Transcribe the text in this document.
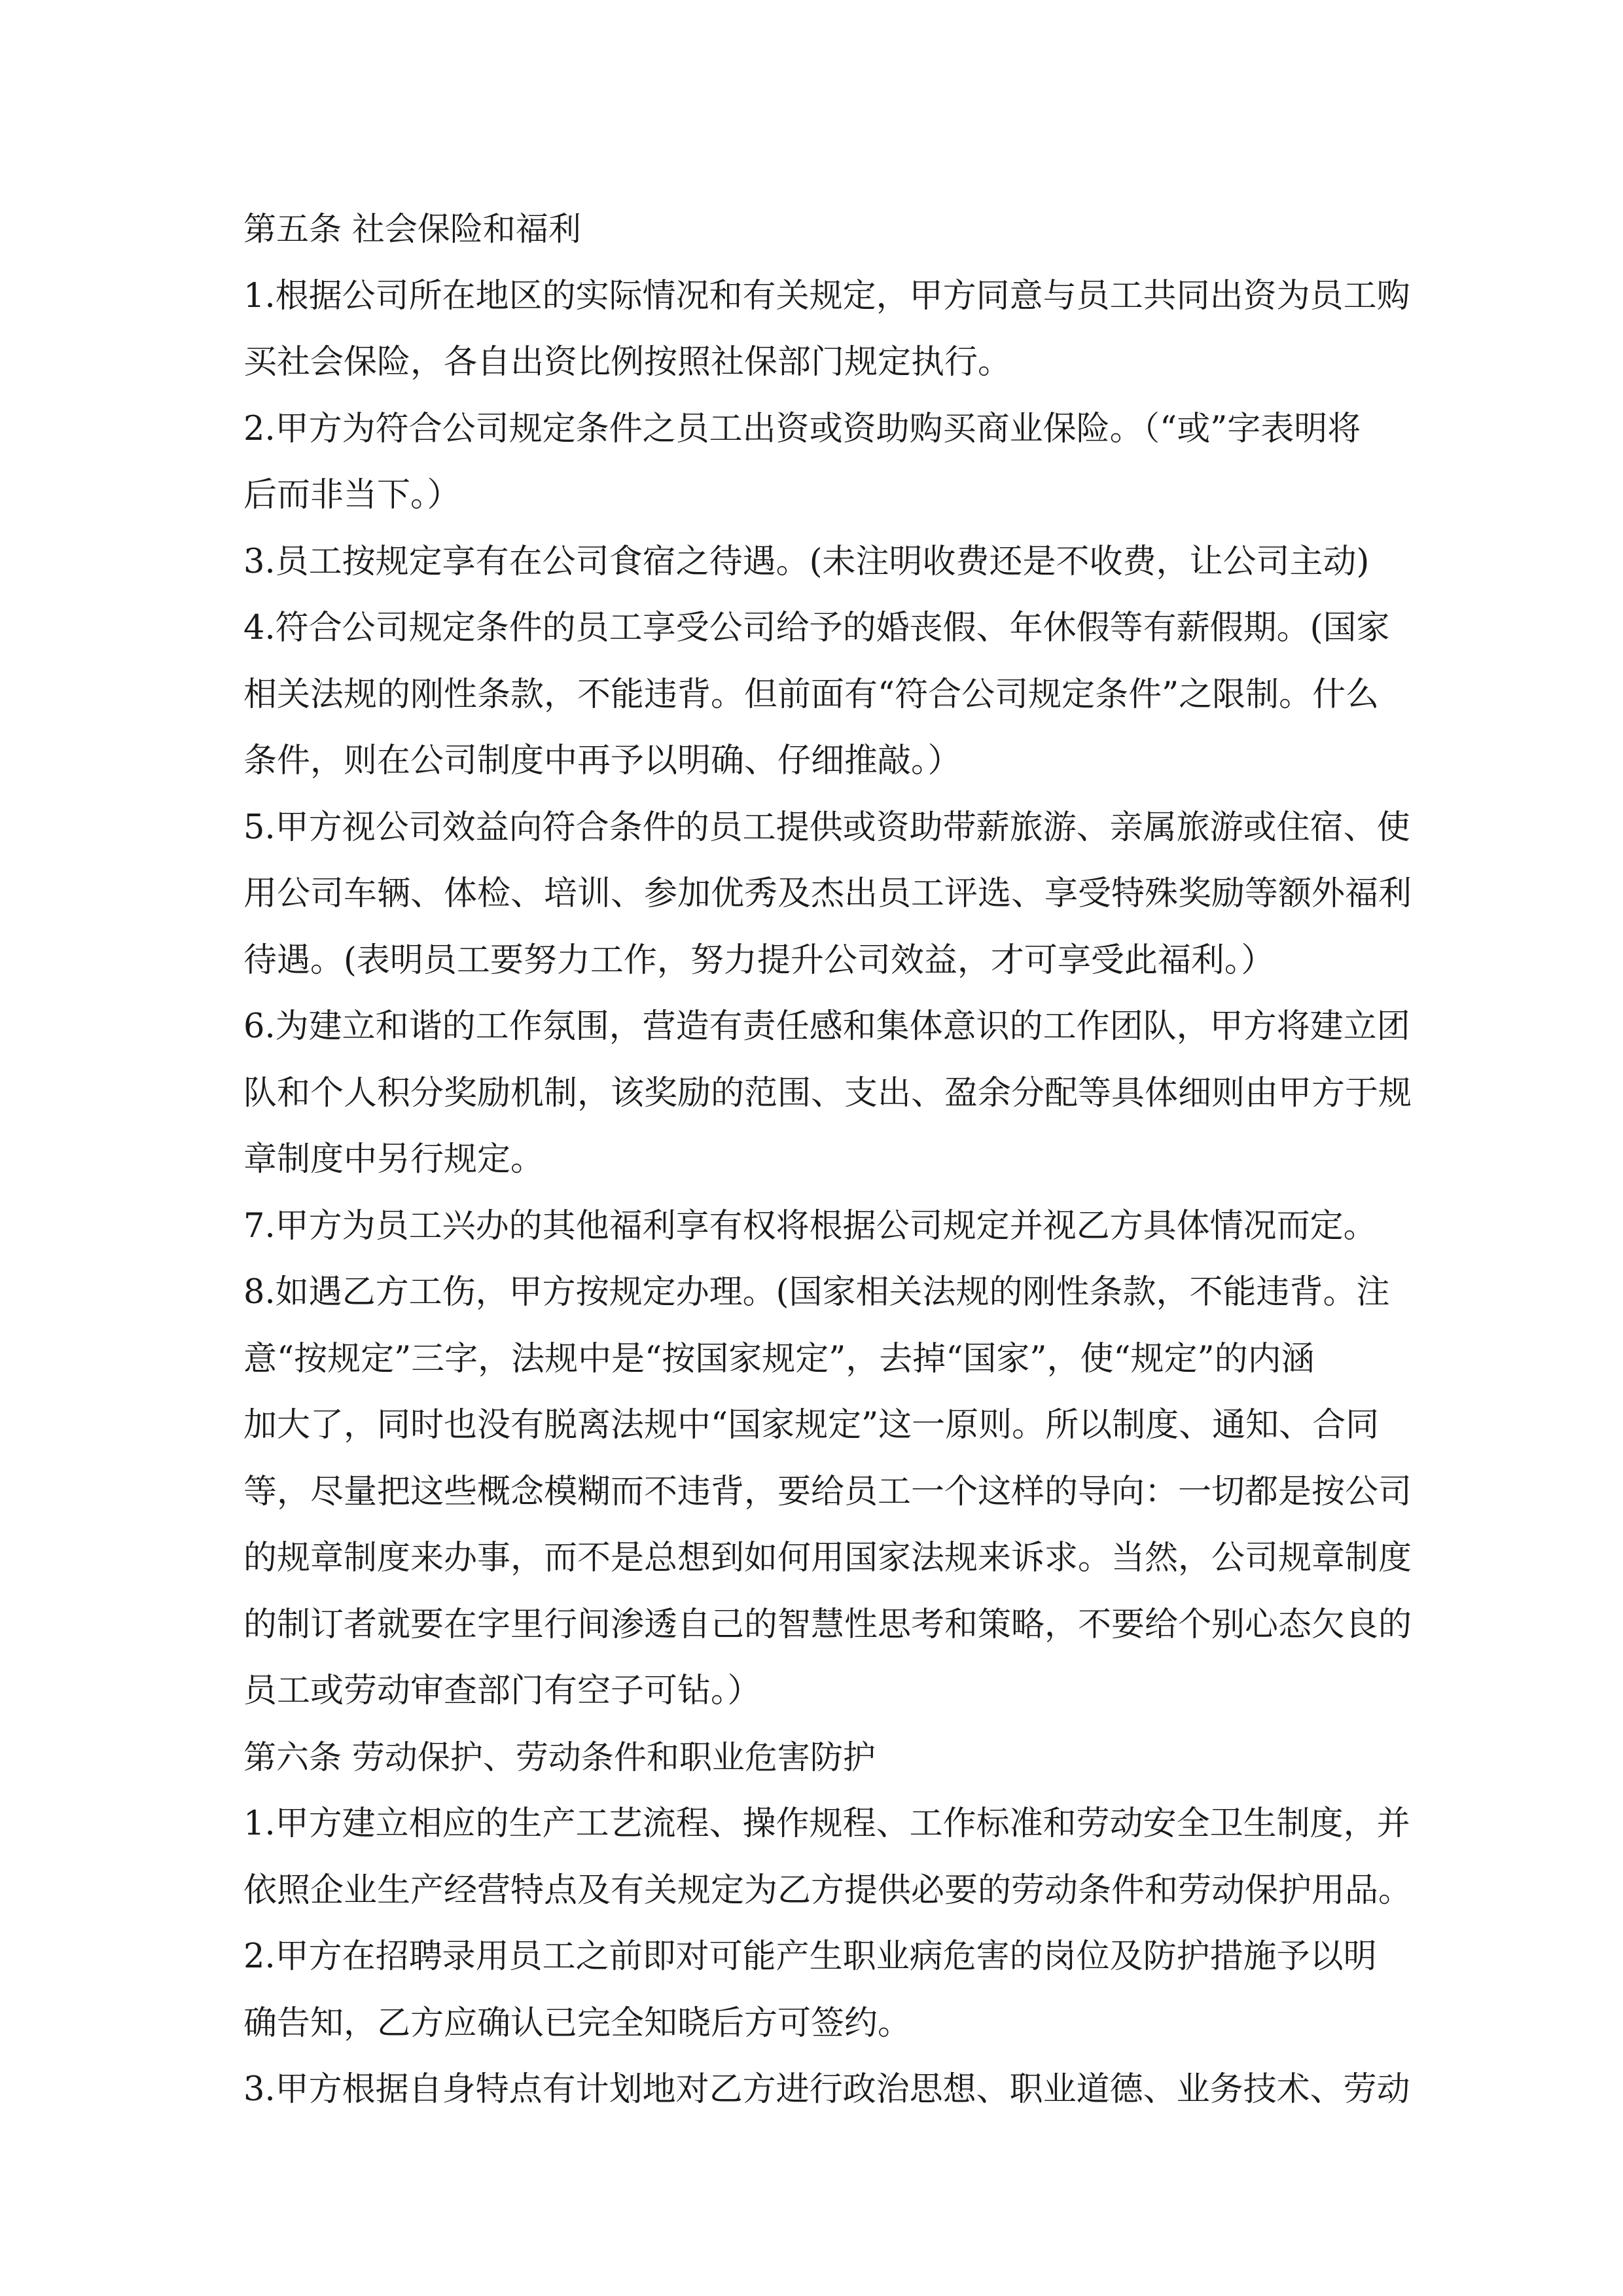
第五条 社会保险和福利
1.根据公司所在地区的实际情况和有关规定，甲方同意与员工共同出资为员工购
买社会保险，各自出资比例按照社保部门规定执行。
2.甲方为符合公司规定条件之员工出资或资助购买商业保险。（“或”字表明将
后而非当下。）
3.员工按规定享有在公司食宿之待遇。(未注明收费还是不收费，让公司主动)
4.符合公司规定条件的员工享受公司给予的婚丧假、年休假等有薪假期。(国家
相关法规的刚性条款，不能违背。但前面有“符合公司规定条件”之限制。什么
条件，则在公司制度中再予以明确、仔细推敲。）
5.甲方视公司效益向符合条件的员工提供或资助带薪旅游、亲属旅游或住宿、使
用公司车辆、体检、培训、参加优秀及杰出员工评选、享受特殊奖励等额外福利
待遇。(表明员工要努力工作，努力提升公司效益，才可享受此福利。）
6.为建立和谐的工作氛围，营造有责任感和集体意识的工作团队，甲方将建立团
队和个人积分奖励机制，该奖励的范围、支出、盈余分配等具体细则由甲方于规
章制度中另行规定。
7.甲方为员工兴办的其他福利享有权将根据公司规定并视乙方具体情况而定。
8.如遇乙方工伤，甲方按规定办理。(国家相关法规的刚性条款，不能违背。注
意“按规定”三字，法规中是“按国家规定”，去掉“国家”，使“规定”的内涵
加大了，同时也没有脱离法规中“国家规定”这一原则。所以制度、通知、合同
等，尽量把这些概念模糊而不违背，要给员工一个这样的导向：一切都是按公司
的规章制度来办事，而不是总想到如何用国家法规来诉求。当然，公司规章制度
的制订者就要在字里行间渗透自己的智慧性思考和策略，不要给个别心态欠良的
员工或劳动审查部门有空子可钻。）
第六条 劳动保护、劳动条件和职业危害防护
1.甲方建立相应的生产工艺流程、操作规程、工作标准和劳动安全卫生制度，并
依照企业生产经营特点及有关规定为乙方提供必要的劳动条件和劳动保护用品。
2.甲方在招聘录用员工之前即对可能产生职业病危害的岗位及防护措施予以明
确告知，乙方应确认已完全知晓后方可签约。
3.甲方根据自身特点有计划地对乙方进行政治思想、职业道德、业务技术、劳动
